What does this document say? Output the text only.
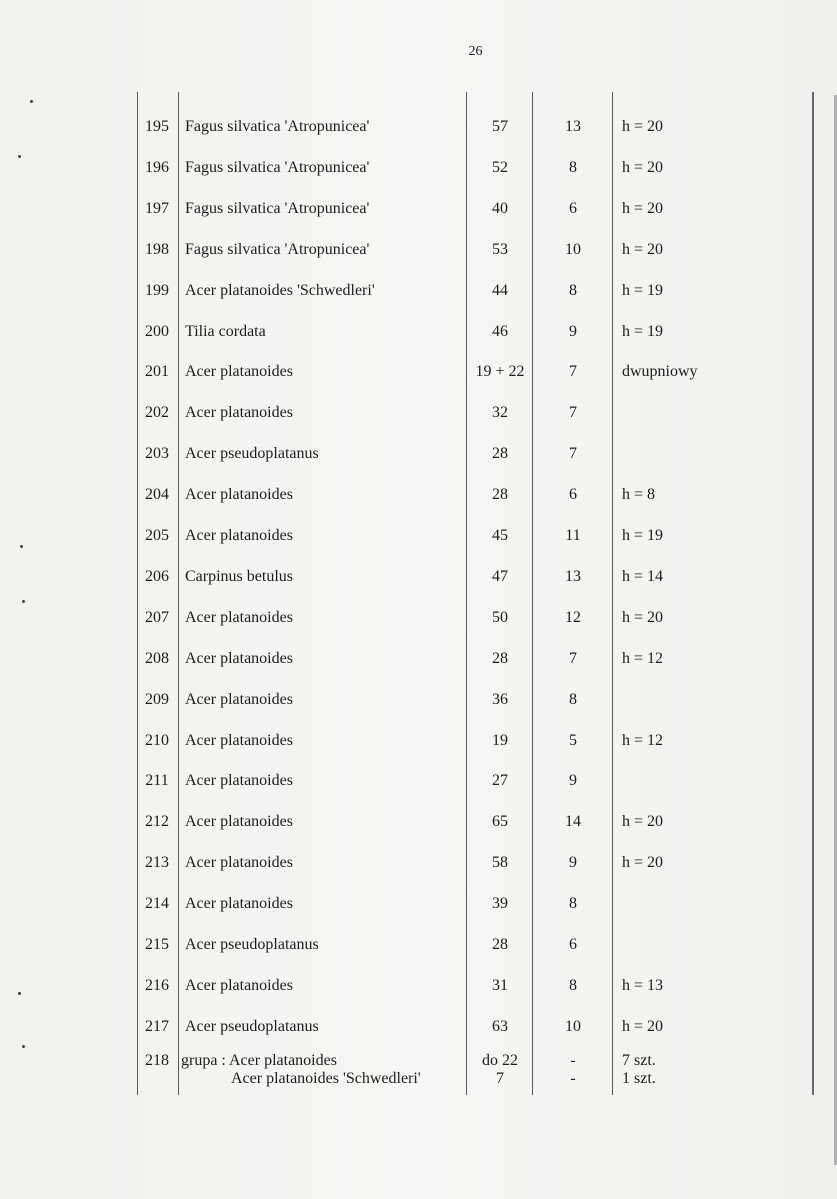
26
195	Fagus silvatica 'Atropunicea'	57	13	h = 20
196	Fagus silvatica 'Atropunicea'	52	8	h = 20
197	Fagus silvatica 'Atropunicea'	40	6	h = 20
198	Fagus silvatica 'Atropunicea'	53	10	h = 20
199	Acer platanoides 'Schwedleri'	44	8	h = 19
200	Tilia cordata	46	9	h = 19
201	Acer platanoides	19 + 22	7	dwupniowy
202	Acer platanoides	32	7
203	Acer pseudoplatanus	28	7
204	Acer platanoides	28	6	h = 8
205	Acer platanoides	45	11	h = 19
206	Carpinus betulus	47	13	h = 14
207	Acer platanoides	50	12	h = 20
208	Acer platanoides	28	7	h = 12
209	Acer platanoides	36	8
210	Acer platanoides	19	5	h = 12
211	Acer platanoides	27	9
212	Acer platanoides	65	14	h = 20
213	Acer platanoides	58	9	h = 20
214	Acer platanoides	39	8
215	Acer pseudoplatanus	28	6
216	Acer platanoides	31	8	h = 13
217	Acer pseudoplatanus	63	10	h = 20
218 grupa : Acer platanoides	do 22	-	7 szt.
Acer platanoides 'Schwedleri'	7	-	1 szt.
